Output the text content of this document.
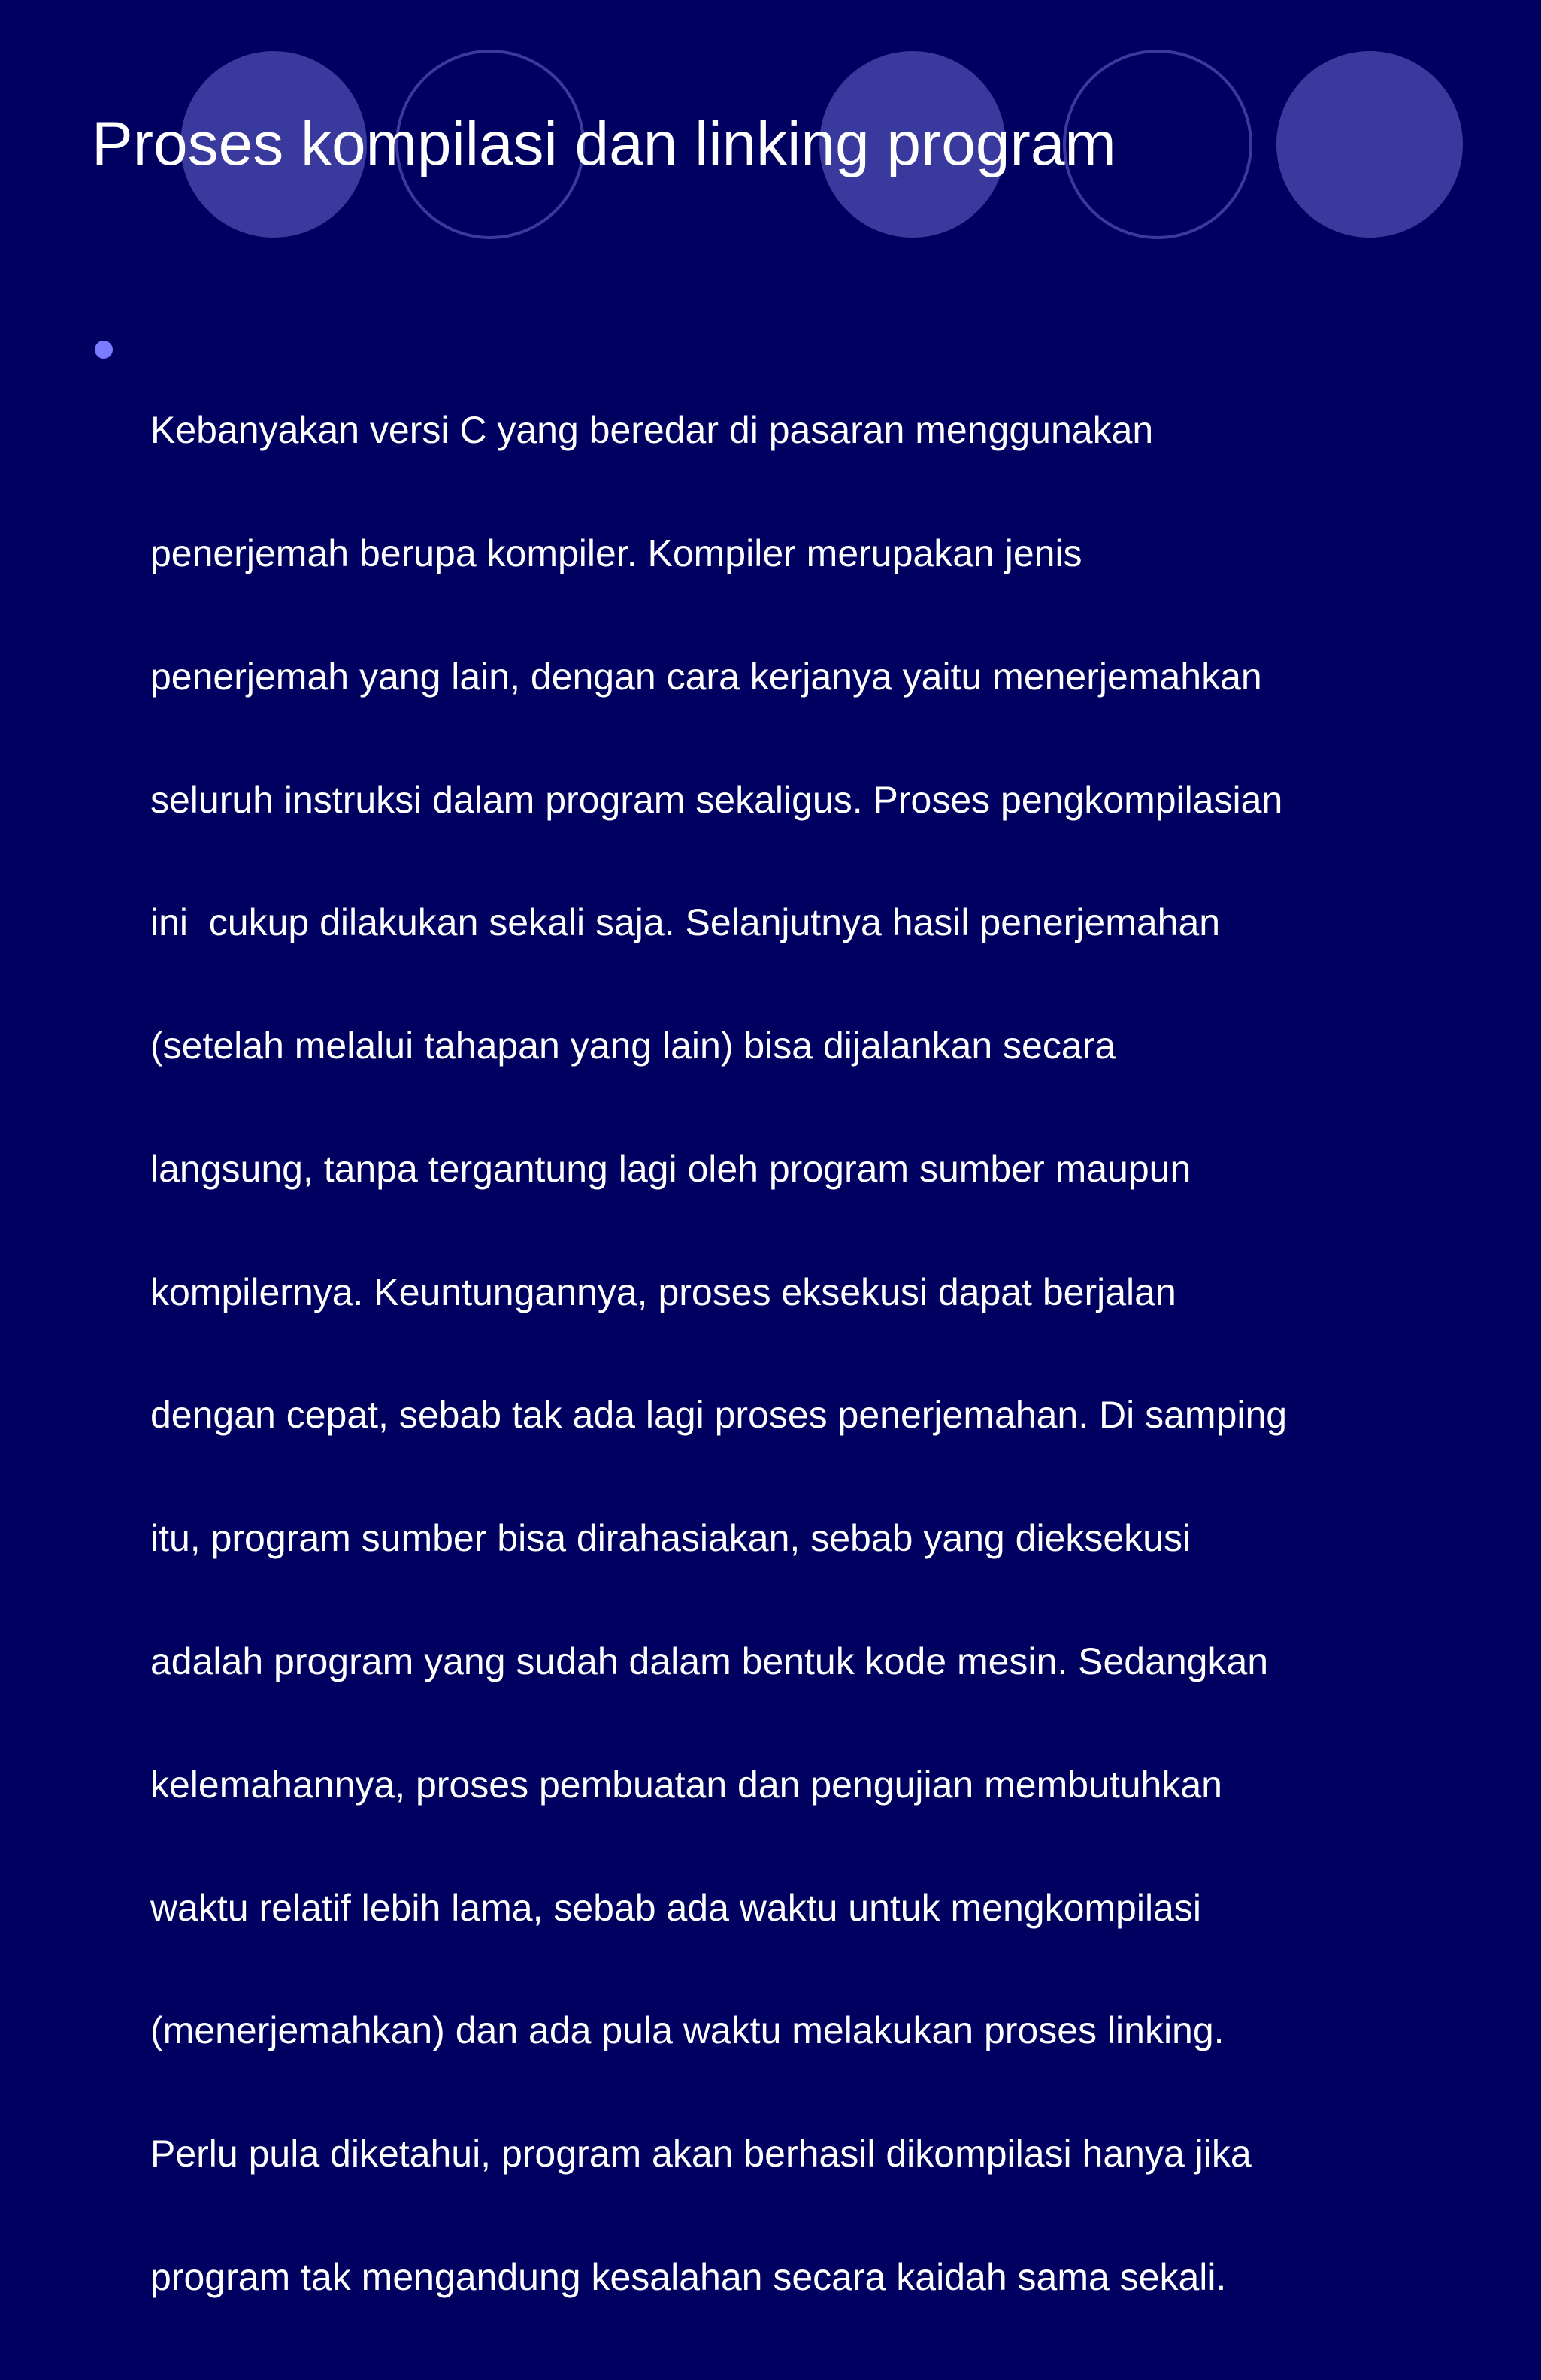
Proses kompilasi dan linking program

Kebanyakan versi C yang beredar di pasaran menggunakan

penerjemah berupa kompiler. Kompiler merupakan jenis

penerjemah yang lain, dengan cara kerjanya yaitu menerjemahkan

seluruh instruksi dalam program sekaligus. Proses pengkompilasian

ini  cukup dilakukan sekali saja. Selanjutnya hasil penerjemahan

(setelah melalui tahapan yang lain) bisa dijalankan secara

langsung, tanpa tergantung lagi oleh program sumber maupun

kompilernya. Keuntungannya, proses eksekusi dapat berjalan

dengan cepat, sebab tak ada lagi proses penerjemahan. Di samping

itu, program sumber bisa dirahasiakan, sebab yang dieksekusi

adalah program yang sudah dalam bentuk kode mesin. Sedangkan

kelemahannya, proses pembuatan dan pengujian membutuhkan

waktu relatif lebih lama, sebab ada waktu untuk mengkompilasi

(menerjemahkan) dan ada pula waktu melakukan proses linking.

Perlu pula diketahui, program akan berhasil dikompilasi hanya jika

program tak mengandung kesalahan secara kaidah sama sekali.
